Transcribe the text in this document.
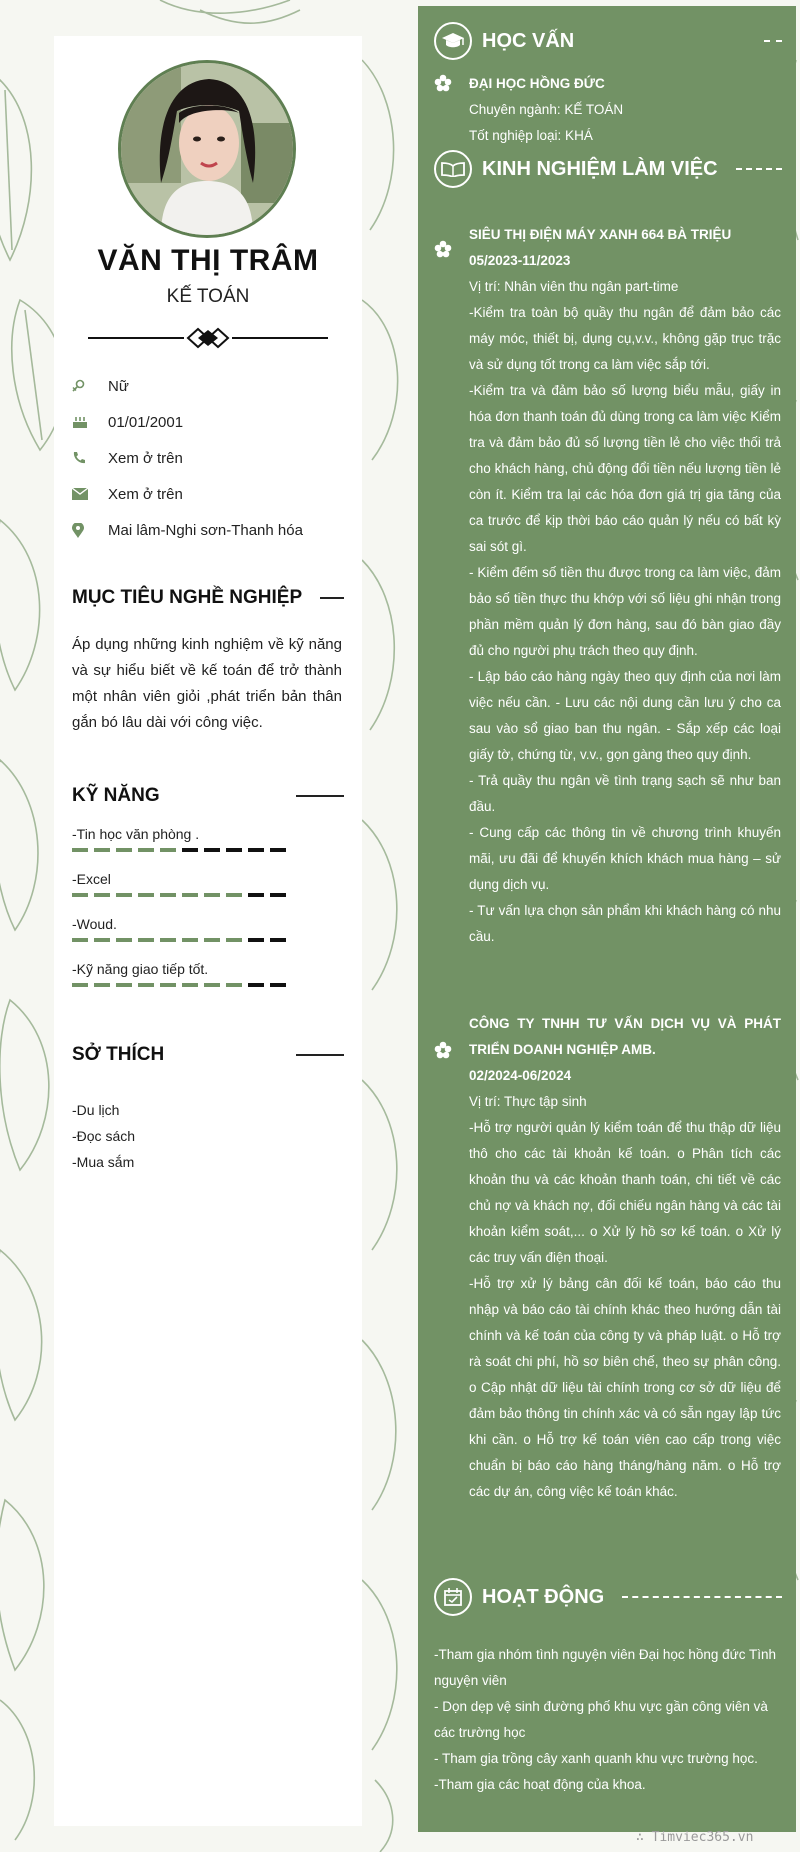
VĂN THỊ TRÂM
KẾ TOÁN
Nữ
01/01/2001
Xem ở trên
Xem ở trên
Mai lâm-Nghi sơn-Thanh hóa
MỤC TIÊU NGHỀ NGHIỆP
Áp dụng những kinh nghiệm về kỹ năng và sự hiểu biết về kế toán để trở thành một nhân viên giỏi ,phát triển bản thân gắn bó lâu dài với công việc.
KỸ NĂNG
-Tin học văn phòng .
-Excel
-Woud.
-Kỹ năng giao tiếp tốt.
SỞ THÍCH
-Du lịch
-Đọc sách
-Mua sắm
HỌC VẤN
ĐẠI HỌC HỒNG ĐỨC
Chuyên ngành: KẾ TOÁN
Tốt nghiệp loại: KHÁ
KINH NGHIỆM LÀM VIỆC
SIÊU THỊ ĐIỆN MÁY XANH 664 BÀ TRIỆU
05/2023-11/2023
Vị trí: Nhân viên thu ngân part-time
-Kiểm tra toàn bộ quầy thu ngân để đảm bảo các máy móc, thiết bị, dụng cụ,v.v., không gặp trục trặc và sử dụng tốt trong ca làm việc sắp tới.
-Kiểm tra và đảm bảo số lượng biểu mẫu, giấy in hóa đơn thanh toán đủ dùng trong ca làm việc Kiểm tra và đảm bảo đủ số lượng tiền lẻ cho việc thối trả cho khách hàng, chủ động đổi tiền nếu lượng tiền lẻ còn ít. Kiểm tra lại các hóa đơn giá trị gia tăng của ca trước để kịp thời báo cáo quản lý nếu có bất kỳ sai sót gì.
- Kiểm đếm số tiền thu được trong ca làm việc, đảm bảo số tiền thực thu khớp với số liệu ghi nhận trong phần mềm quản lý đơn hàng, sau đó bàn giao đầy đủ cho người phụ trách theo quy định.
- Lập báo cáo hàng ngày theo quy định của nơi làm việc nếu cần. - Lưu các nội dung cần lưu ý cho ca sau vào sổ giao ban thu ngân. - Sắp xếp các loại giấy tờ, chứng từ, v.v., gọn gàng theo quy định.
- Trả quầy thu ngân về tình trạng sạch sẽ như ban đầu.
- Cung cấp các thông tin về chương trình khuyến mãi, ưu đãi để khuyến khích khách mua hàng – sử dụng dịch vụ.
- Tư vấn lựa chọn sản phẩm khi khách hàng có nhu cầu.
CÔNG TY TNHH TƯ VẤN DỊCH VỤ VÀ PHÁT TRIỂN DOANH NGHIỆP AMB.
02/2024-06/2024
Vị trí: Thực tập sinh
-Hỗ trợ người quản lý kiểm toán để thu thập dữ liệu thô cho các tài khoản kế toán. o Phân tích các khoản thu và các khoản thanh toán, chi tiết về các chủ nợ và khách nợ, đối chiếu ngân hàng và các tài khoản kiểm soát,... o Xử lý hồ sơ kế toán. o Xử lý các truy vấn điện thoại.
-Hỗ trợ xử lý bảng cân đối kế toán, báo cáo thu nhập và báo cáo tài chính khác theo hướng dẫn tài chính và kế toán của công ty và pháp luật. o Hỗ trợ rà soát chi phí, hồ sơ biên chế, theo sự phân công. o Cập nhật dữ liệu tài chính trong cơ sở dữ liệu để đảm bảo thông tin chính xác và có sẵn ngay lập tức khi cần. o Hỗ trợ kế toán viên cao cấp trong việc chuẩn bị báo cáo hàng tháng/hàng năm. o Hỗ trợ các dự án, công việc kế toán khác.
HOẠT ĐỘNG
-Tham gia nhóm tình nguyện viên Đại học hồng đức Tình nguyện viên
- Dọn dẹp vệ sinh đường phố khu vực gần công viên và các trường học
- Tham gia trồng cây xanh quanh khu vực trường học.
-Tham gia các hoạt động của khoa.
∴ Timviec365.vn
